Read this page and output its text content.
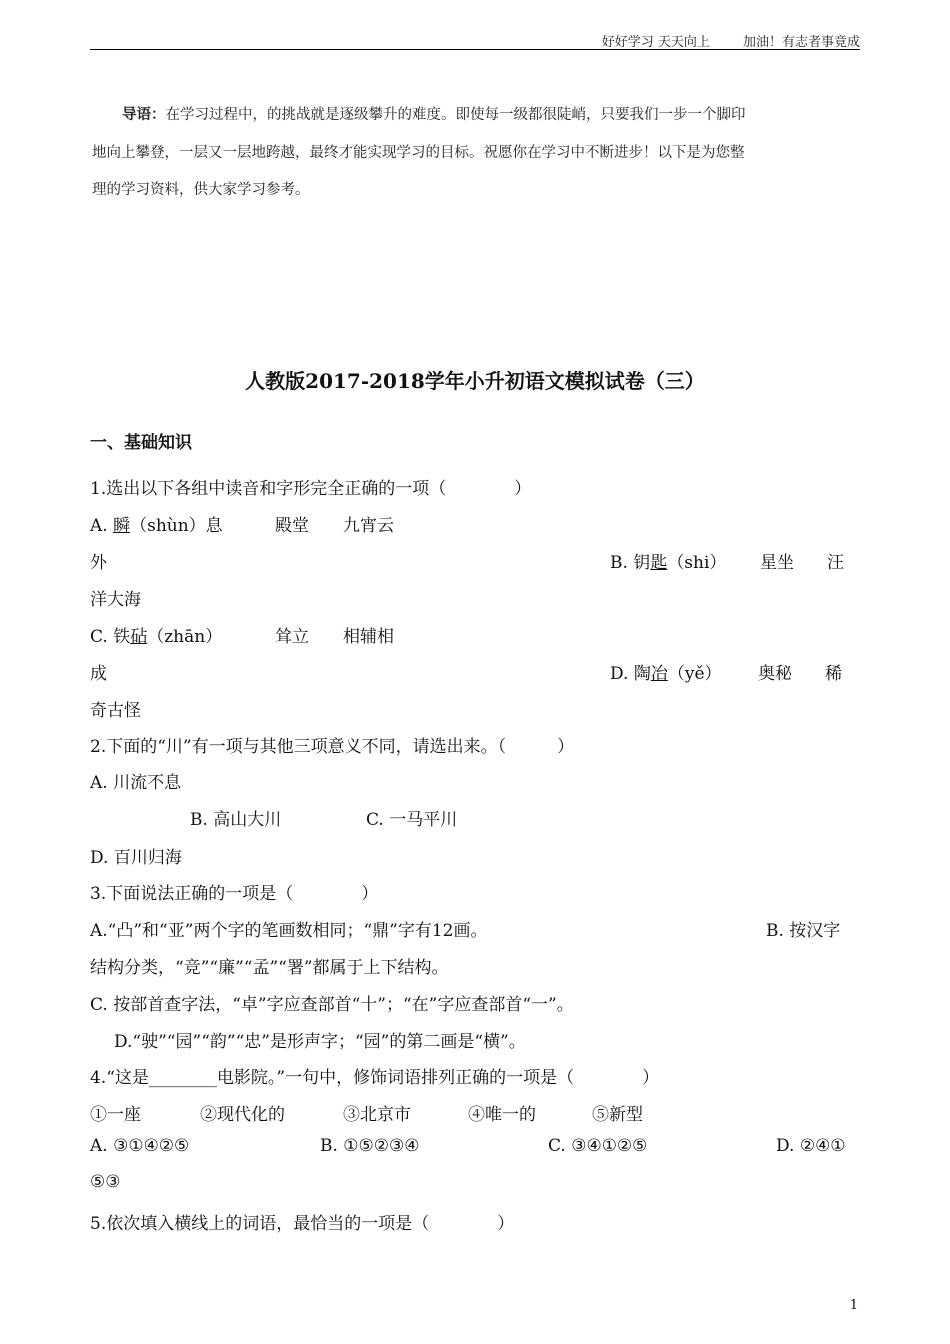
好好学习 天天向上	加油！有志者事竟成
导语：在学习过程中，的挑战就是逐级攀升的难度。即使每一级都很陡峭，只要我们一步一个脚印
地向上攀登，一层又一层地跨越，最终才能实现学习的目标。祝愿你在学习中不断进步！以下是为您整
理的学习资料，供大家学习参考。
人教版2017-2018学年小升初语文模拟试卷（三）
一、基础知识
1.选出以下各组中读音和字形完全正确的一项（　　　　）
A. 瞬（shùn）息	殿堂 九宵云
外	B. 钥匙（shi） 星坐 汪
洋大海
C. 铁砧（zhān）	耸立 相辅相
成	D. 陶冶（yě） 奥秘 稀
奇古怪
2.下面的“川”有一项与其他三项意义不同，请选出来。（　　　）
A. 川流不息
B. 高山大川	C. 一马平川
D. 百川归海
3.下面说法正确的一项是（　　　　）
A.“凸”和“亚”两个字的笔画数相同；“鼎”字有12画。	B. 按汉字
结构分类，“竞”“廉”“孟”“署”都属于上下结构。
C. 按部首查字法，“卓”字应查部首“十”；“在”字应查部首“一”。
D.“驶”“园”“韵”“忠”是形声字；“园”的第二画是“横”。
4.“这是________电影院。”一句中，修饰词语排列正确的一项是（　　　　）
①一座	②现代化的	③北京市	④唯一的	⑤新型
A. ③①④②⑤	B. ①⑤②③④	C. ③④①②⑤	D. ②④①
⑤③
5.依次填入横线上的词语，最恰当的一项是（　　　　）
1
